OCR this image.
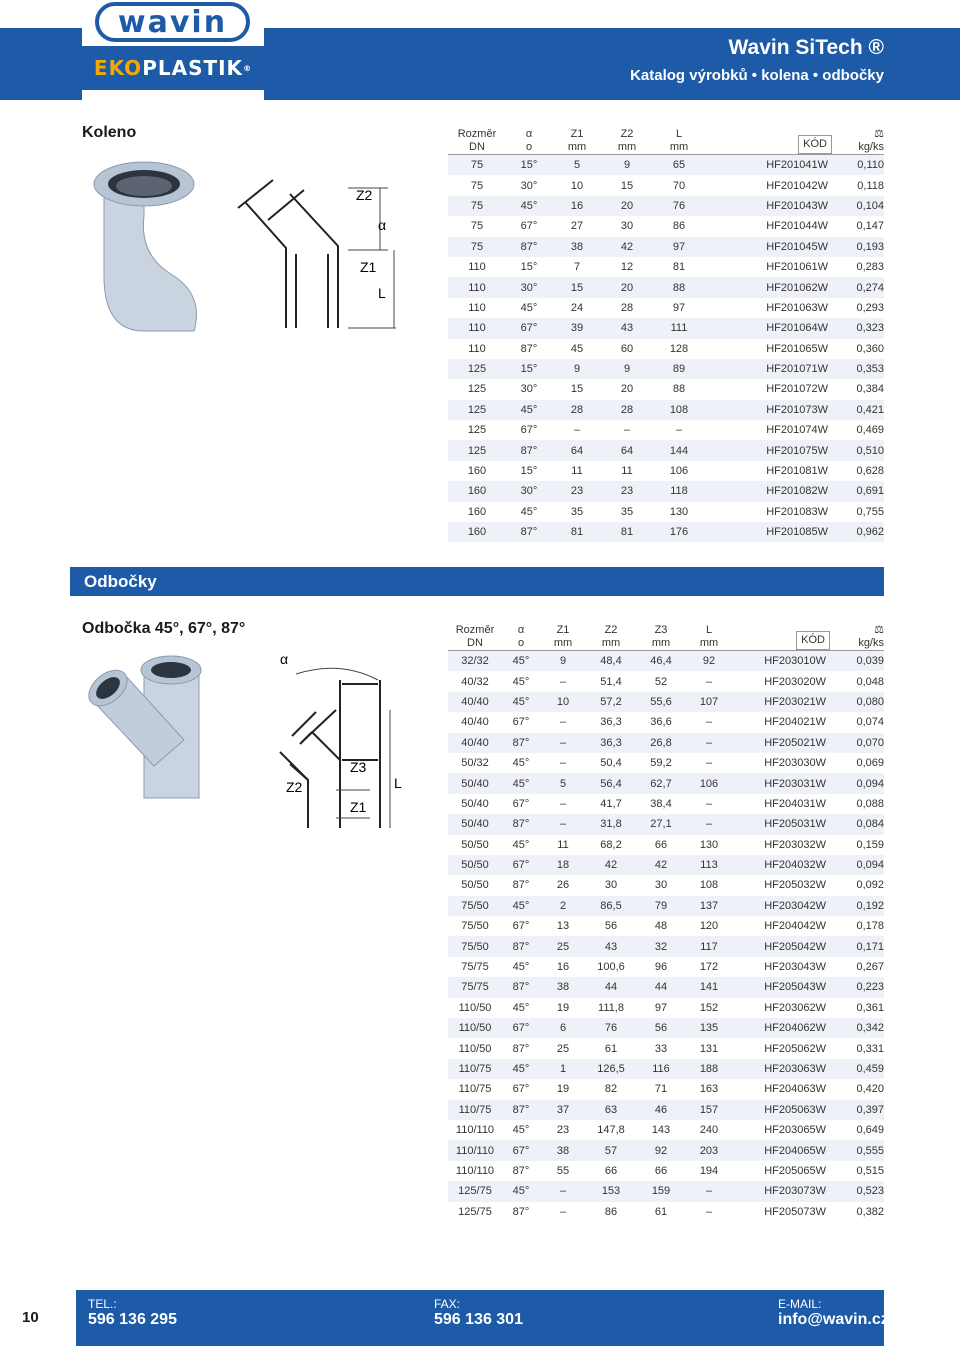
wavin
EKO PLASTIK ®
Wavin SiTech ®
Katalog výrobků • kolena • odbočky
Koleno
Z2
α
Z1
L
Rozměr
DN	α
o	Z1
mm	Z2
mm	L
mm	KÓD	⚖
kg/ks
75	15°	5	9	65	HF201041W	0,110
75	30°	10	15	70	HF201042W	0,118
75	45°	16	20	76	HF201043W	0,104
75	67°	27	30	86	HF201044W	0,147
75	87°	38	42	97	HF201045W	0,193
110	15°	7	12	81	HF201061W	0,283
110	30°	15	20	88	HF201062W	0,274
110	45°	24	28	97	HF201063W	0,293
110	67°	39	43	111	HF201064W	0,323
110	87°	45	60	128	HF201065W	0,360
125	15°	9	9	89	HF201071W	0,353
125	30°	15	20	88	HF201072W	0,384
125	45°	28	28	108	HF201073W	0,421
125	67°	–	–	–	HF201074W	0,469
125	87°	64	64	144	HF201075W	0,510
160	15°	11	11	106	HF201081W	0,628
160	30°	23	23	118	HF201082W	0,691
160	45°	35	35	130	HF201083W	0,755
160	87°	81	81	176	HF201085W	0,962
Odbočky
Odbočka 45°, 67°, 87°
α
Z2
Z3
Z1
L
Rozměr
DN	α
o	Z1
mm	Z2
mm	Z3
mm	L
mm	KÓD	⚖
kg/ks
32/32	45°	9	48,4	46,4	92	HF203010W	0,039
40/32	45°	–	51,4	52	–	HF203020W	0,048
40/40	45°	10	57,2	55,6	107	HF203021W	0,080
40/40	67°	–	36,3	36,6	–	HF204021W	0,074
40/40	87°	–	36,3	26,8	–	HF205021W	0,070
50/32	45°	–	50,4	59,2	–	HF203030W	0,069
50/40	45°	5	56,4	62,7	106	HF203031W	0,094
50/40	67°	–	41,7	38,4	–	HF204031W	0,088
50/40	87°	–	31,8	27,1	–	HF205031W	0,084
50/50	45°	11	68,2	66	130	HF203032W	0,159
50/50	67°	18	42	42	113	HF204032W	0,094
50/50	87°	26	30	30	108	HF205032W	0,092
75/50	45°	2	86,5	79	137	HF203042W	0,192
75/50	67°	13	56	48	120	HF204042W	0,178
75/50	87°	25	43	32	117	HF205042W	0,171
75/75	45°	16	100,6	96	172	HF203043W	0,267
75/75	87°	38	44	44	141	HF205043W	0,223
110/50	45°	19	111,8	97	152	HF203062W	0,361
110/50	67°	6	76	56	135	HF204062W	0,342
110/50	87°	25	61	33	131	HF205062W	0,331
110/75	45°	1	126,5	116	188	HF203063W	0,459
110/75	67°	19	82	71	163	HF204063W	0,420
110/75	87°	37	63	46	157	HF205063W	0,397
110/110	45°	23	147,8	143	240	HF203065W	0,649
110/110	67°	38	57	92	203	HF204065W	0,555
110/110	87°	55	66	66	194	HF205065W	0,515
125/75	45°	–	153	159	–	HF203073W	0,523
125/75	87°	–	86	61	–	HF205073W	0,382
10
TEL.:
596 136 295
FAX:
596 136 301
E-MAIL:
info@wavin.cz
